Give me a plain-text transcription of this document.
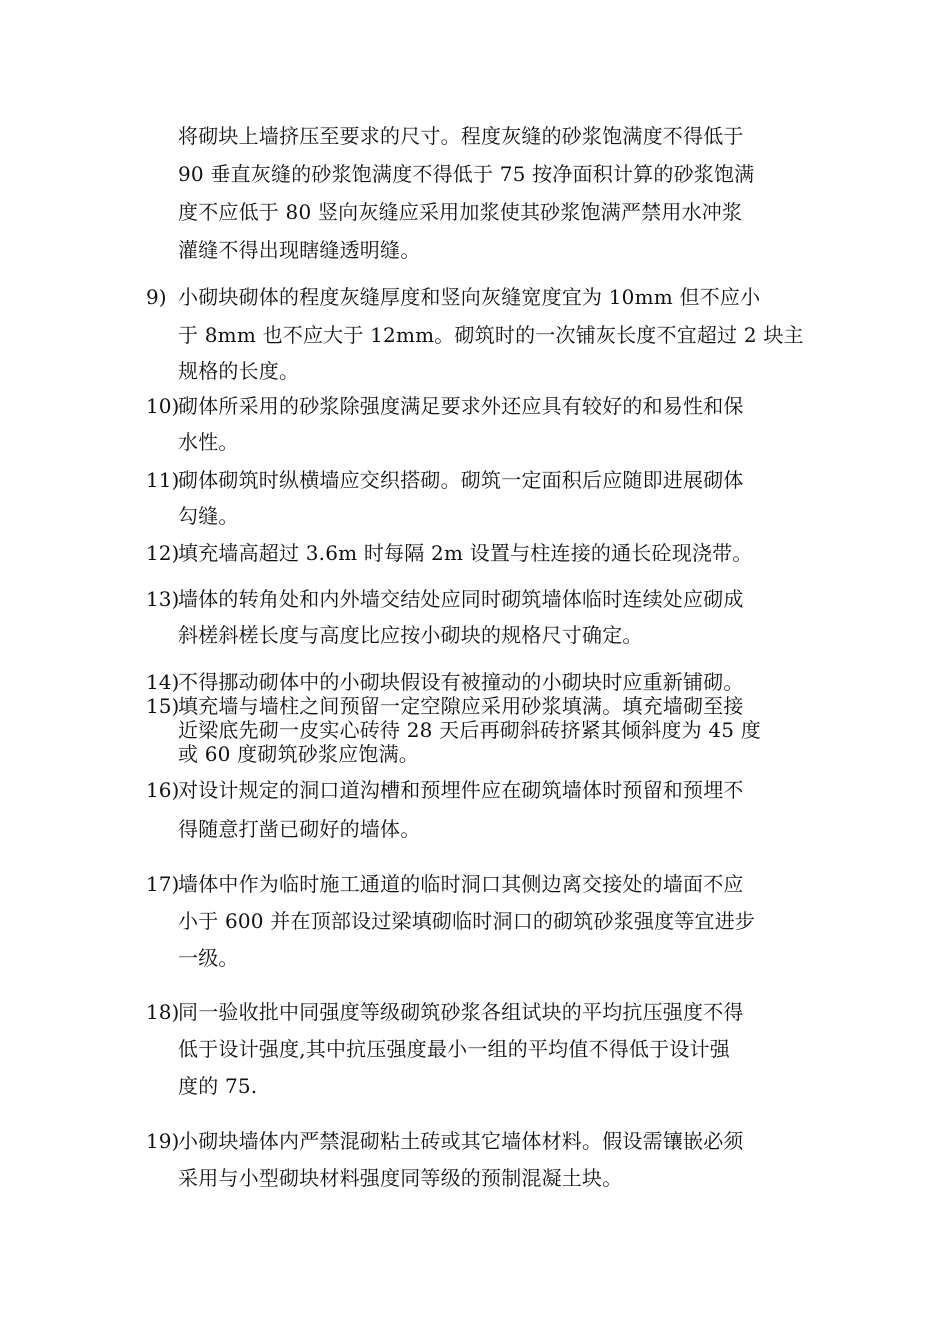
将砌块上墙挤压至要求的尺寸。程度灰缝的砂浆饱满度不得低于
90 垂直灰缝的砂浆饱满度不得低于 75 按净面积计算的砂浆饱满
度不应低于 80 竖向灰缝应采用加浆使其砂浆饱满严禁用水冲浆
灌缝不得出现瞎缝透明缝。
9) 小砌块砌体的程度灰缝厚度和竖向灰缝宽度宜为 10mm 但不应小
于 8mm 也不应大于 12mm。砌筑时的一次铺灰长度不宜超过 2 块主
规格的长度。
10)
砌体所采用的砂浆除强度满足要求外还应具有较好的和易性和保
水性。
11)
砌体砌筑时纵横墙应交织搭砌。砌筑一定面积后应随即进展砌体
勾缝。
12)
填充墙高超过 3.6m 时每隔 2m 设置与柱连接的通长砼现浇带。
13)
墙体的转角处和内外墙交结处应同时砌筑墙体临时连续处应砌成
斜槎斜槎长度与高度比应按小砌块的规格尺寸确定。
14)
不得挪动砌体中的小砌块假设有被撞动的小砌块时应重新铺砌。
15)
填充墙与墙柱之间预留一定空隙应采用砂浆填满。填充墙砌至接
近梁底先砌一皮实心砖待 28 天后再砌斜砖挤紧其倾斜度为 45 度
或 60 度砌筑砂浆应饱满。
16)
对设计规定的洞口道沟槽和预埋件应在砌筑墙体时预留和预埋不
得随意打凿已砌好的墙体。
17)
墙体中作为临时施工通道的临时洞口其侧边离交接处的墙面不应
小于 600 并在顶部设过梁填砌临时洞口的砌筑砂浆强度等宜进步
一级。
18)
同一验收批中同强度等级砌筑砂浆各组试块的平均抗压强度不得
低于设计强度,其中抗压强度最小一组的平均值不得低于设计强
度的 75.
19)
小砌块墙体内严禁混砌粘土砖或其它墙体材料。假设需镶嵌必须
采用与小型砌块材料强度同等级的预制混凝土块。
